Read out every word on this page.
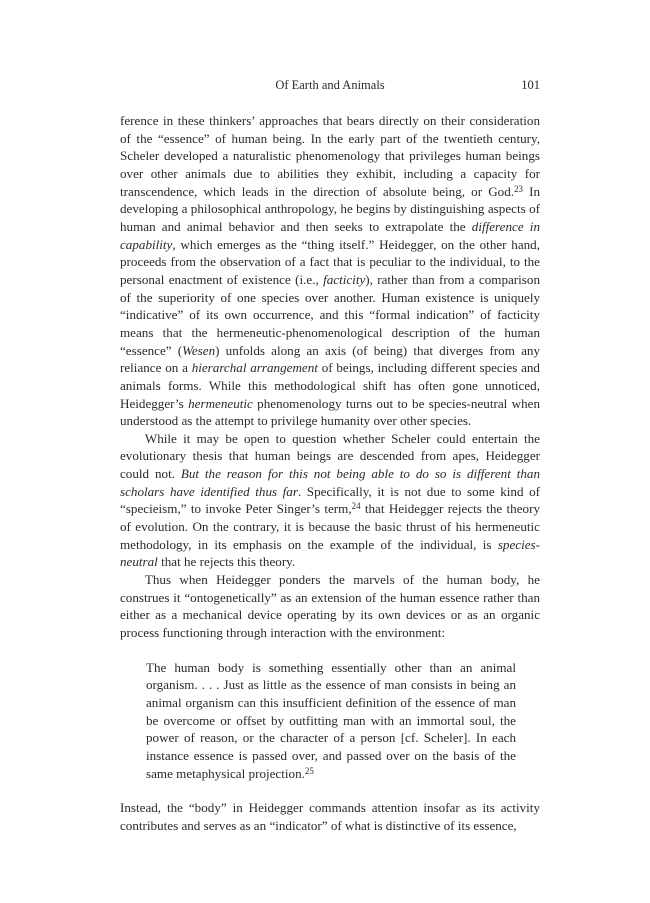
Of Earth and Animals	101

ference in these thinkers’ approaches that bears directly on their consideration of the “essence” of human being. In the early part of the twentieth century, Scheler developed a naturalistic phenomenology that privileges human beings over other animals due to abilities they exhibit, including a capacity for transcendence, which leads in the direction of absolute being, or God.$^{23}$ In developing a philosophical anthropology, he begins by distinguishing aspects of human and animal behavior and then seeks to extrapolate the difference in capability, which emerges as the “thing itself.” Heidegger, on the other hand, proceeds from the observation of a fact that is peculiar to the individual, to the personal enactment of existence (i.e., facticity), rather than from a comparison of the superiority of one species over another. Human existence is uniquely “indicative” of its own occurrence, and this “formal indication” of facticity means that the hermeneutic-phenomenological description of the human “essence” (Wesen) unfolds along an axis (of being) that diverges from any reliance on a hierarchal arrangement of beings, including different species and animals forms. While this methodological shift has often gone unnoticed, Heidegger’s hermeneutic phenomenology turns out to be species-neutral when understood as the attempt to privilege humanity over other species.

While it may be open to question whether Scheler could entertain the evolutionary thesis that human beings are descended from apes, Heidegger could not. But the reason for this not being able to do so is different than scholars have identified thus far. Specifically, it is not due to some kind of “specieism,” to invoke Peter Singer’s term,$^{24}$ that Heidegger rejects the theory of evolution. On the contrary, it is because the basic thrust of his hermeneutic methodology, in its emphasis on the example of the individual, is species-neutral that he rejects this theory.

Thus when Heidegger ponders the marvels of the human body, he construes it “ontogenetically” as an extension of the human essence rather than either as a mechanical device operating by its own devices or as an organic process functioning through interaction with the environment:

The human body is something essentially other than an animal organism. . . . Just as little as the essence of man consists in being an animal organism can this insufficient definition of the essence of man be overcome or offset by outfitting man with an immortal soul, the power of reason, or the character of a person [cf. Scheler]. In each instance essence is passed over, and passed over on the basis of the same metaphysical projection.$^{25}$

Instead, the “body” in Heidegger commands attention insofar as its activity contributes and serves as an “indicator” of what is distinctive of its essence,
